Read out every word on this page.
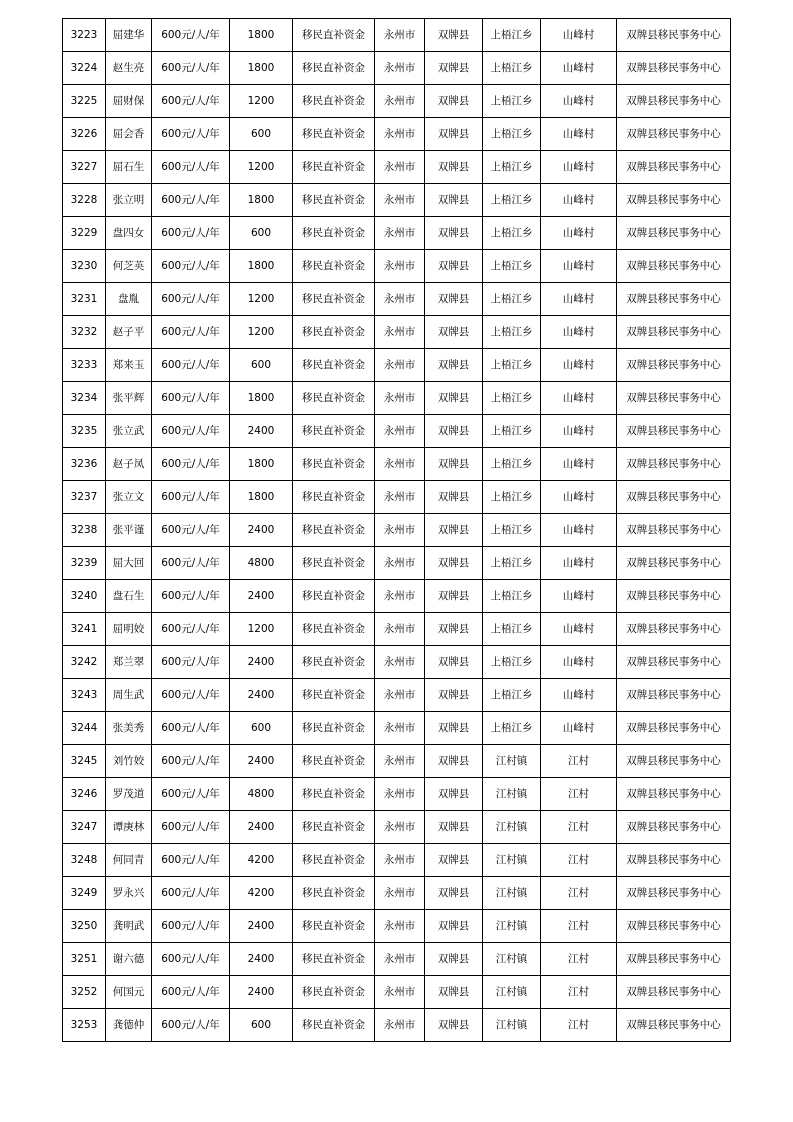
3223	屈建华	600元/人/年	1800	移民直补资金	永州市	双牌县	上梧江乡	山峰村	双牌县移民事务中心
3224	赵生亮	600元/人/年	1800	移民直补资金	永州市	双牌县	上梧江乡	山峰村	双牌县移民事务中心
3225	屈财保	600元/人/年	1200	移民直补资金	永州市	双牌县	上梧江乡	山峰村	双牌县移民事务中心
3226	屈会香	600元/人/年	600	移民直补资金	永州市	双牌县	上梧江乡	山峰村	双牌县移民事务中心
3227	屈石生	600元/人/年	1200	移民直补资金	永州市	双牌县	上梧江乡	山峰村	双牌县移民事务中心
3228	张立明	600元/人/年	1800	移民直补资金	永州市	双牌县	上梧江乡	山峰村	双牌县移民事务中心
3229	盘四女	600元/人/年	600	移民直补资金	永州市	双牌县	上梧江乡	山峰村	双牌县移民事务中心
3230	何芝英	600元/人/年	1800	移民直补资金	永州市	双牌县	上梧江乡	山峰村	双牌县移民事务中心
3231	盘胤	600元/人/年	1200	移民直补资金	永州市	双牌县	上梧江乡	山峰村	双牌县移民事务中心
3232	赵子平	600元/人/年	1200	移民直补资金	永州市	双牌县	上梧江乡	山峰村	双牌县移民事务中心
3233	郑来玉	600元/人/年	600	移民直补资金	永州市	双牌县	上梧江乡	山峰村	双牌县移民事务中心
3234	张平辉	600元/人/年	1800	移民直补资金	永州市	双牌县	上梧江乡	山峰村	双牌县移民事务中心
3235	张立武	600元/人/年	2400	移民直补资金	永州市	双牌县	上梧江乡	山峰村	双牌县移民事务中心
3236	赵子凤	600元/人/年	1800	移民直补资金	永州市	双牌县	上梧江乡	山峰村	双牌县移民事务中心
3237	张立文	600元/人/年	1800	移民直补资金	永州市	双牌县	上梧江乡	山峰村	双牌县移民事务中心
3238	张平谨	600元/人/年	2400	移民直补资金	永州市	双牌县	上梧江乡	山峰村	双牌县移民事务中心
3239	屈大回	600元/人/年	4800	移民直补资金	永州市	双牌县	上梧江乡	山峰村	双牌县移民事务中心
3240	盘石生	600元/人/年	2400	移民直补资金	永州市	双牌县	上梧江乡	山峰村	双牌县移民事务中心
3241	屈明姣	600元/人/年	1200	移民直补资金	永州市	双牌县	上梧江乡	山峰村	双牌县移民事务中心
3242	郑兰翠	600元/人/年	2400	移民直补资金	永州市	双牌县	上梧江乡	山峰村	双牌县移民事务中心
3243	周生武	600元/人/年	2400	移民直补资金	永州市	双牌县	上梧江乡	山峰村	双牌县移民事务中心
3244	张美秀	600元/人/年	600	移民直补资金	永州市	双牌县	上梧江乡	山峰村	双牌县移民事务中心
3245	刘竹姣	600元/人/年	2400	移民直补资金	永州市	双牌县	江村镇	江村	双牌县移民事务中心
3246	罗茂道	600元/人/年	4800	移民直补资金	永州市	双牌县	江村镇	江村	双牌县移民事务中心
3247	谭庚林	600元/人/年	2400	移民直补资金	永州市	双牌县	江村镇	江村	双牌县移民事务中心
3248	何同青	600元/人/年	4200	移民直补资金	永州市	双牌县	江村镇	江村	双牌县移民事务中心
3249	罗永兴	600元/人/年	4200	移民直补资金	永州市	双牌县	江村镇	江村	双牌县移民事务中心
3250	龚明武	600元/人/年	2400	移民直补资金	永州市	双牌县	江村镇	江村	双牌县移民事务中心
3251	谢六德	600元/人/年	2400	移民直补资金	永州市	双牌县	江村镇	江村	双牌县移民事务中心
3252	何国元	600元/人/年	2400	移民直补资金	永州市	双牌县	江村镇	江村	双牌县移民事务中心
3253	龚德仲	600元/人/年	600	移民直补资金	永州市	双牌县	江村镇	江村	双牌县移民事务中心
